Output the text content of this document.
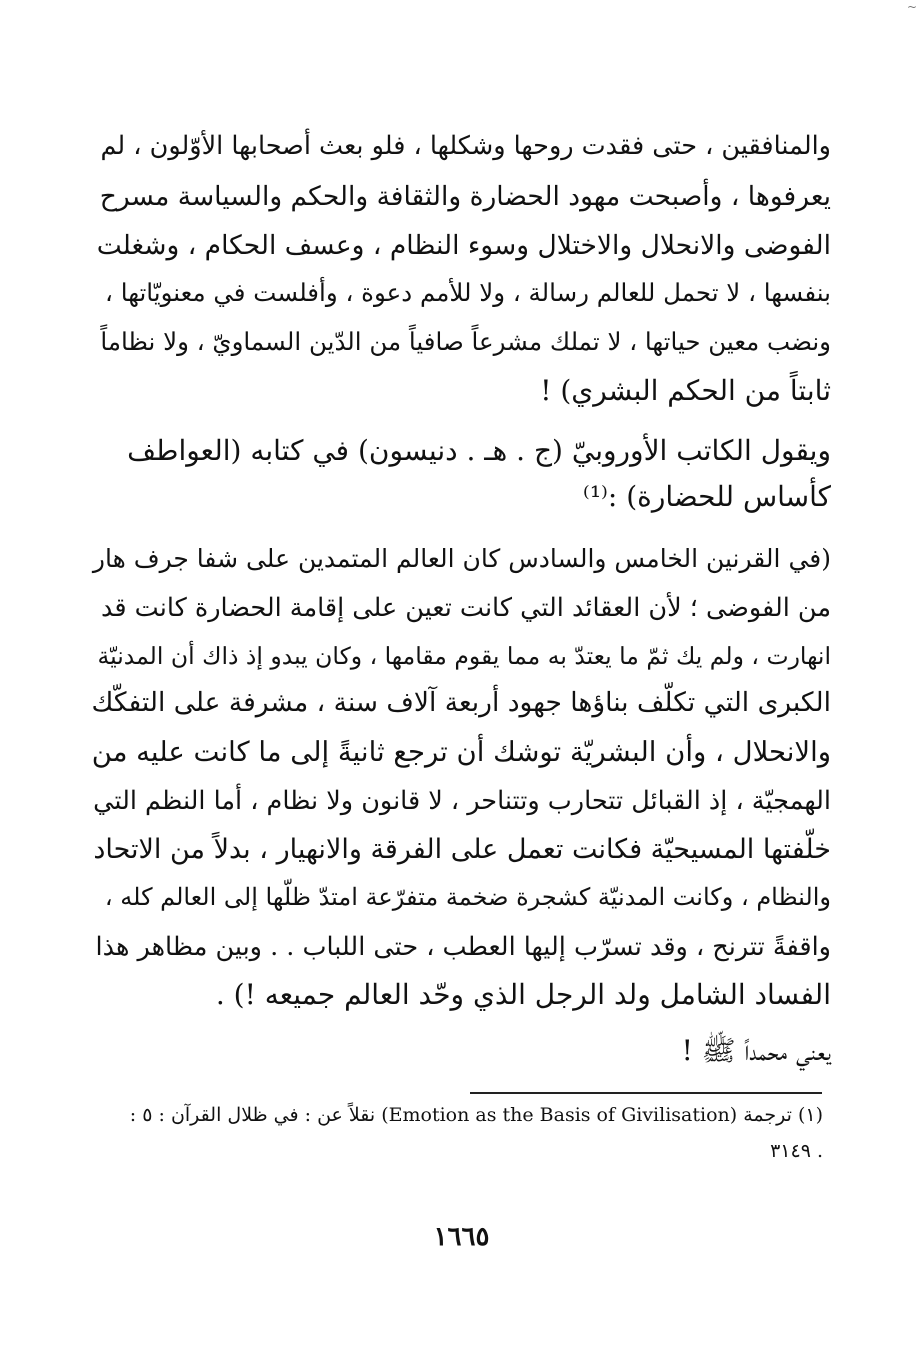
~
والمنافقين ، حتى فقدت روحها وشكلها ، فلو بعث أصحابها الأوّلون ، لم
يعرفوها ، وأصبحت مهود الحضارة والثقافة والحكم والسياسة مسرح
الفوضى والانحلال والاختلال وسوء النظام ، وعسف الحكام ، وشغلت
بنفسها ، لا تحمل للعالم رسالة ، ولا للأمم دعوة ، وأفلست في معنويّاتها ،
ونضب معين حياتها ، لا تملك مشرعاً صافياً من الدّين السماويّ ، ولا نظاماً
ثابتاً من الحكم البشري) !
ويقول الكاتب الأوروبيّ (ج . هـ . دنيسون) في كتابه (العواطف
كأساس للحضارة) :⁽¹⁾
(في القرنين الخامس والسادس كان العالم المتمدين على شفا جرف هار
من الفوضى ؛ لأن العقائد التي كانت تعين على إقامة الحضارة كانت قد
انهارت ، ولم يك ثمّ ما يعتدّ به مما يقوم مقامها ، وكان يبدو إذ ذاك أن المدنيّة
الكبرى التي تكلّف بناؤها جهود أربعة آلاف سنة ، مشرفة على التفكّك
والانحلال ، وأن البشريّة توشك أن ترجع ثانيةً إلى ما كانت عليه من
الهمجيّة ، إذ القبائل تتحارب وتتناحر ، لا قانون ولا نظام ، أما النظم التي
خلّفتها المسيحيّة فكانت تعمل على الفرقة والانهيار ، بدلاً من الاتحاد
والنظام ، وكانت المدنيّة كشجرة ضخمة متفرّعة امتدّ ظلّها إلى العالم كله ،
واقفةً تترنح ، وقد تسرّب إليها العطب ، حتى اللباب . . وبين مظاهر هذا
الفساد الشامل ولد الرجل الذي وحّد العالم جميعه !) .
يعني محمداً ﷺ !
(١) ترجمة (Emotion as the Basis of Givilisation) نقلاً عن : في ظلال القرآن : ٥ :
٣١٤٩ .
١٦٦٥
